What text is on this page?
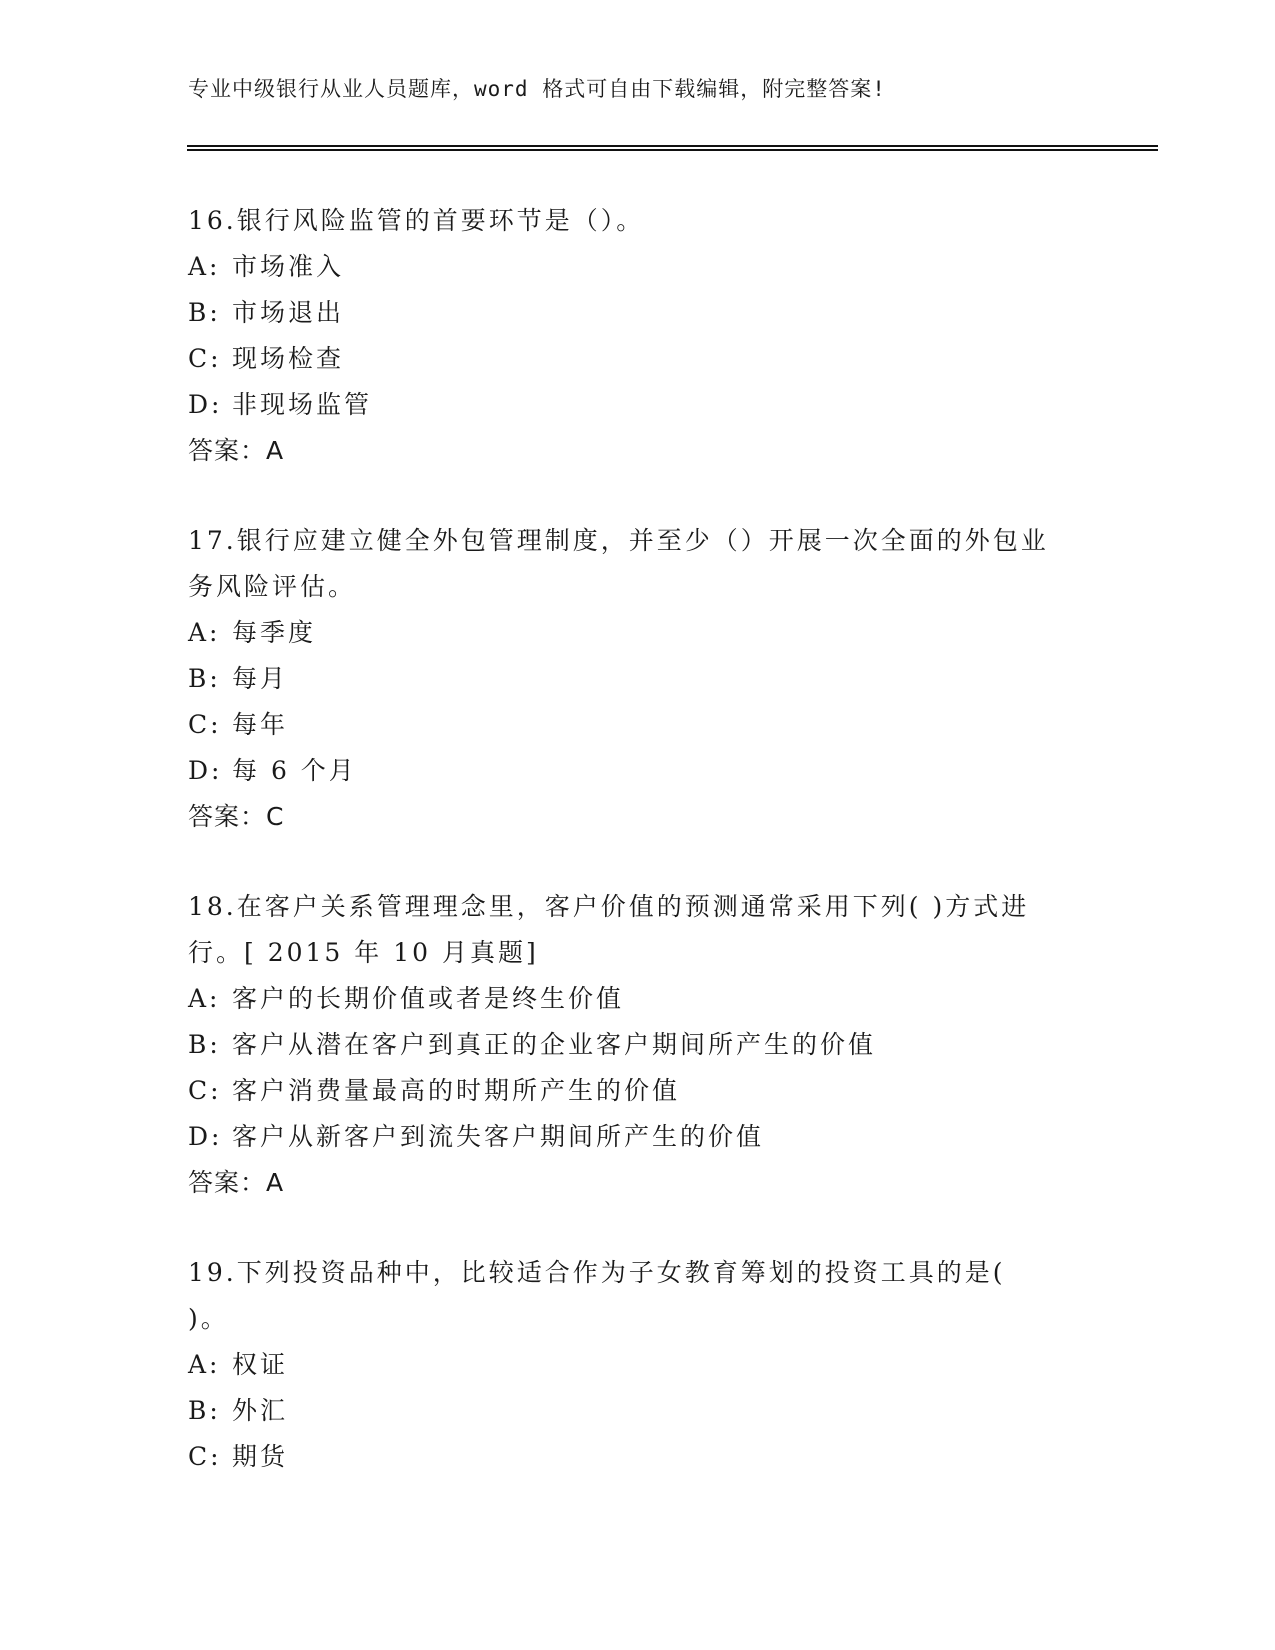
专业中级银行从业人员题库，word 格式可自由下载编辑，附完整答案!
16.银行风险监管的首要环节是（）。
A: 市场准入
B: 市场退出
C: 现场检查
D: 非现场监管
答案：A
17.银行应建立健全外包管理制度，并至少（）开展一次全面的外包业务风险评估。
A: 每季度
B: 每月
C: 每年
D: 每 6 个月
答案：C
18.在客户关系管理理念里，客户价值的预测通常采用下列( )方式进行。[ 2015 年 10 月真题]
A: 客户的长期价值或者是终生价值
B: 客户从潜在客户到真正的企业客户期间所产生的价值
C: 客户消费量最高的时期所产生的价值
D: 客户从新客户到流失客户期间所产生的价值
答案：A
19.下列投资品种中，比较适合作为子女教育筹划的投资工具的是( )。
A: 权证
B: 外汇
C: 期货
